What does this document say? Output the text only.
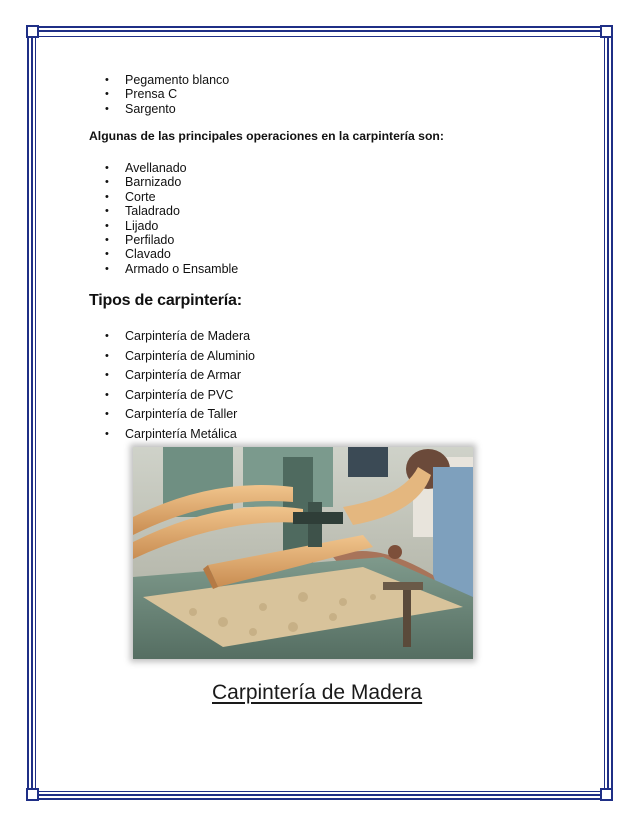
• Pegamento blanco
• Prensa C
• Sargento
Algunas de las principales operaciones en la carpintería son:
• Avellanado
• Barnizado
• Corte
• Taladrado
• Lijado
• Perfilado
• Clavado
• Armado o Ensamble
Tipos de carpintería:
• Carpintería de Madera
• Carpintería de Aluminio
• Carpintería de Armar
• Carpintería de PVC
• Carpintería de Taller
• Carpintería Metálica
Carpintería de Madera
